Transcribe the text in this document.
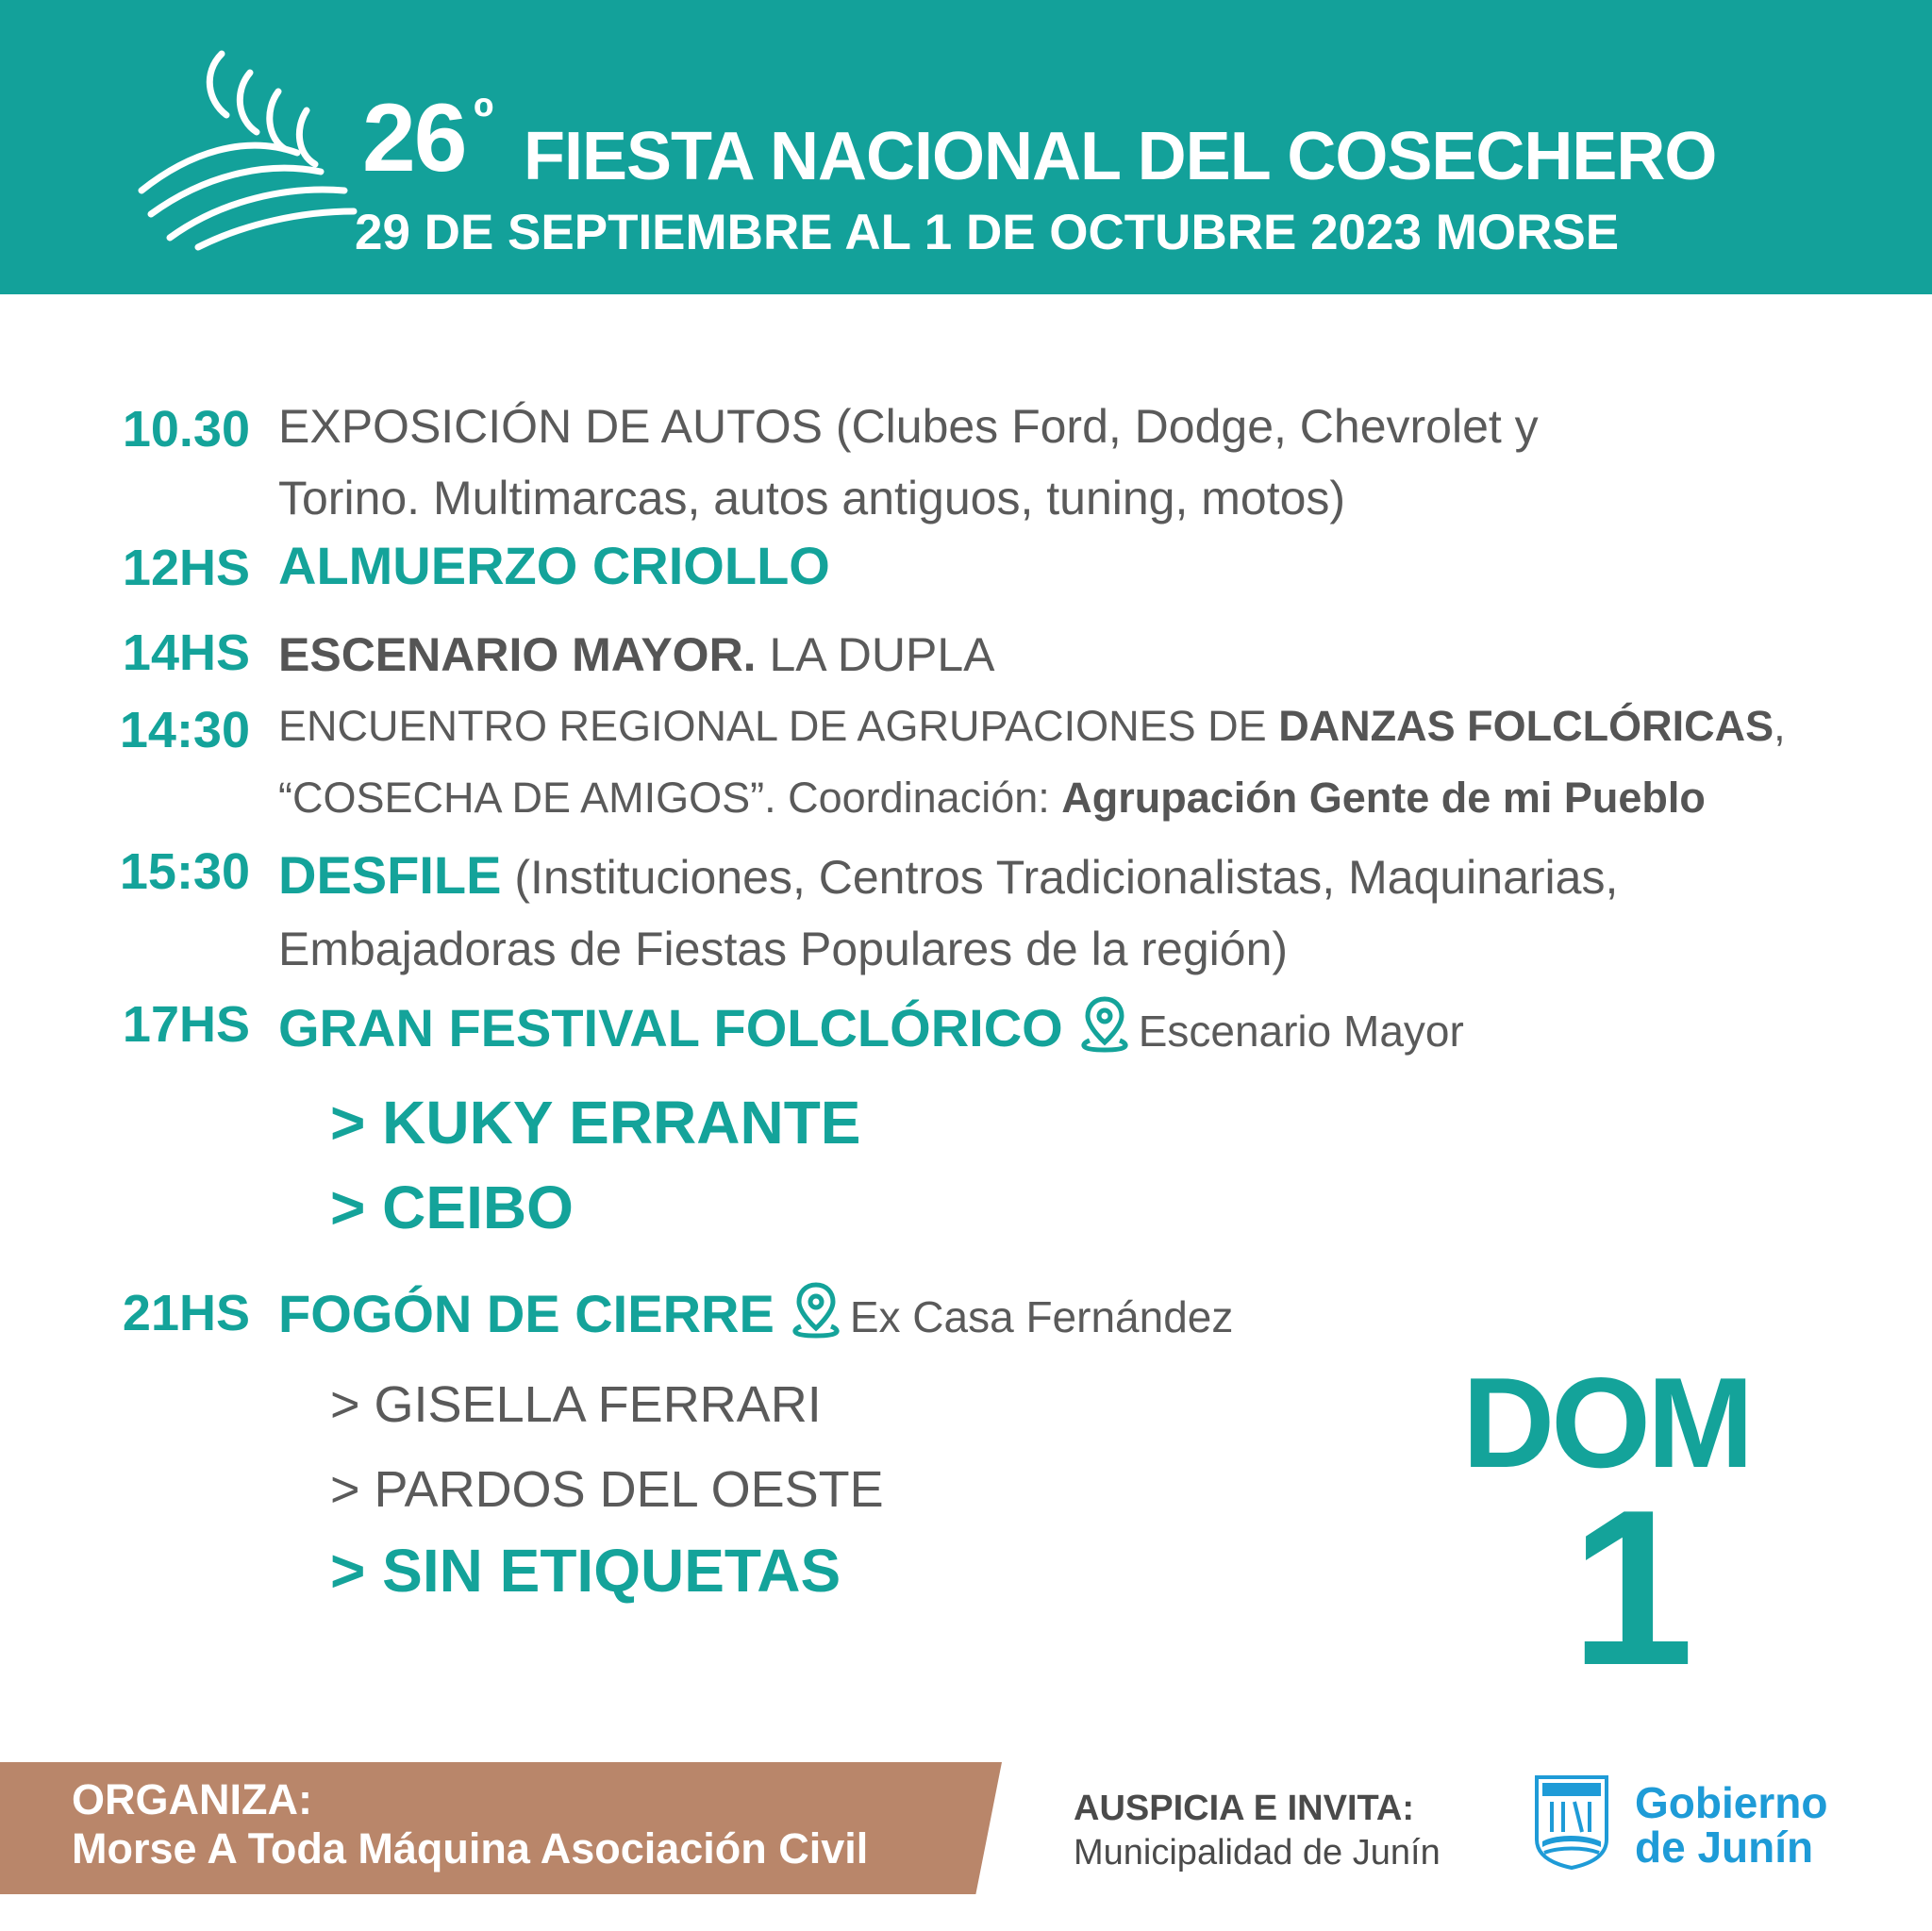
26 º
FIESTA NACIONAL DEL COSECHERO
29 DE SEPTIEMBRE AL 1 DE OCTUBRE 2023 MORSE
10.30 EXPOSICIÓN DE AUTOS (Clubes Ford, Dodge, Chevrolet y
Torino. Multimarcas, autos antiguos, tuning, motos)
12HS ALMUERZO CRIOLLO
14HS ESCENARIO MAYOR. LA DUPLA
14:30 ENCUENTRO REGIONAL DE AGRUPACIONES DE DANZAS FOLCLÓRICAS,
“COSECHA DE AMIGOS”. Coordinación: Agrupación Gente de mi Pueblo
15:30 DESFILE (Instituciones, Centros Tradicionalistas, Maquinarias,
Embajadoras de Fiestas Populares de la región)
17HS GRAN FESTIVAL FOLCLÓRICO Escenario Mayor
> KUKY ERRANTE
> CEIBO
21HS FOGÓN DE CIERRE Ex Casa Fernández
> GISELLA FERRARI
> PARDOS DEL OESTE
> SIN ETIQUETAS
DOM
1
ORGANIZA:
Morse A Toda Máquina Asociación Civil
AUSPICIA E INVITA:
Municipalidad de Junín
Gobierno
de Junín
